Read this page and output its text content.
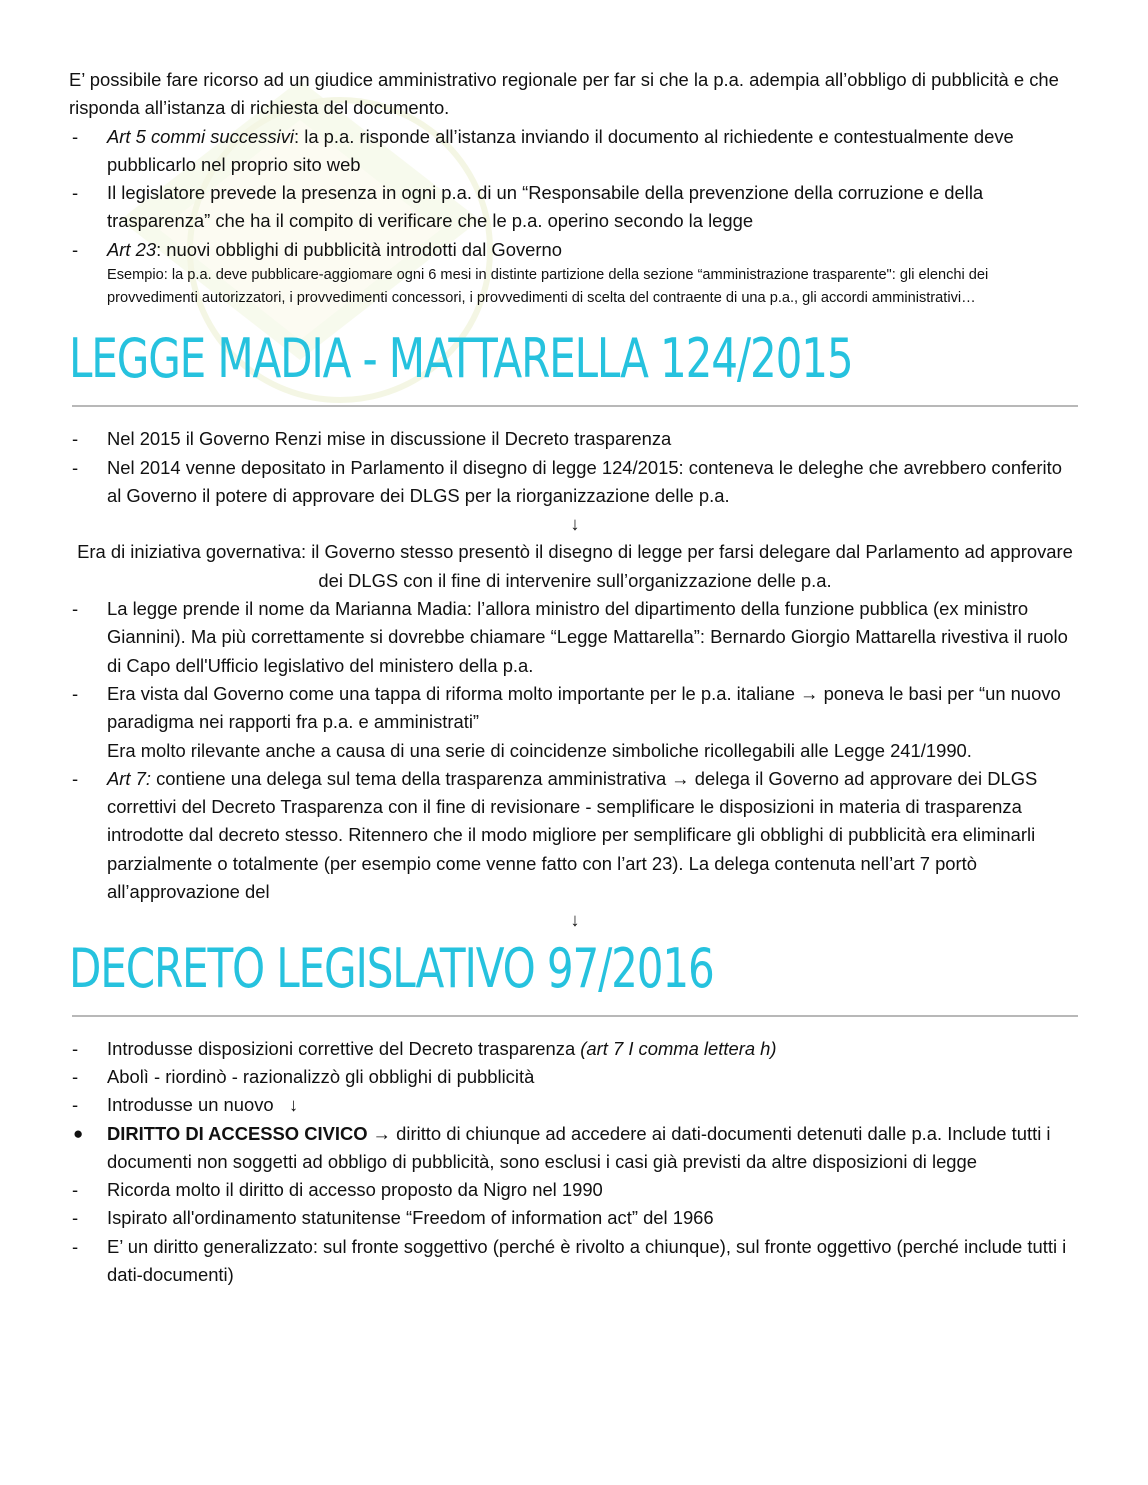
E’ possibile fare ricorso ad un giudice amministrativo regionale per far si che la p.a. adempia all’obbligo di pubblicità e che risponda all’istanza di richiesta del documento.

- Art 5 commi successivi: la p.a. risponde all’istanza inviando il documento al richiedente e contestualmente deve pubblicarlo nel proprio sito web
- Il legislatore prevede la presenza in ogni p.a. di un “Responsabile della prevenzione della corruzione e della trasparenza” che ha il compito di verificare che le p.a. operino secondo la legge
- Art 23: nuovi obblighi di pubblicità introdotti dal Governo
Esempio: la p.a. deve pubblicare-aggiomare ogni 6 mesi in distinte partizione della sezione “amministrazione trasparente": gli elenchi dei provvedimenti autorizzatori, i provvedimenti concessori, i provvedimenti di scelta del contraente di una p.a., gli accordi amministrativi…
LEGGE MADIA - MATTARELLA 124/2015
- Nel 2015 il Governo Renzi mise in discussione il Decreto trasparenza
- Nel 2014 venne depositato in Parlamento il disegno di legge 124/2015: conteneva le deleghe che avrebbero conferito al Governo il potere di approvare dei DLGS per la riorganizzazione delle p.a.
↓
Era di iniziativa governativa: il Governo stesso presentò il disegno di legge per farsi delegare dal Parlamento ad approvare dei DLGS con il fine di intervenire sull’organizzazione delle p.a.
- La legge prende il nome da Marianna Madia: l’allora ministro del dipartimento della funzione pubblica (ex ministro Giannini). Ma più correttamente si dovrebbe chiamare “Legge Mattarella”: Bernardo Giorgio Mattarella rivestiva il ruolo di Capo dell'Ufficio legislativo del ministero della p.a.
- Era vista dal Governo come una tappa di riforma molto importante per le p.a. italiane → poneva le basi per “un nuovo paradigma nei rapporti fra p.a. e amministrati”
Era molto rilevante anche a causa di una serie di coincidenze simboliche ricollegabili alle Legge 241/1990.
- Art 7: contiene una delega sul tema della trasparenza amministrativa → delega il Governo ad approvare dei DLGS correttivi del Decreto Trasparenza con il fine di revisionare - semplificare le disposizioni in materia di trasparenza introdotte dal decreto stesso. Ritennero che il modo migliore per semplificare gli obblighi di pubblicità era eliminarli parzialmente o totalmente (per esempio come venne fatto con l’art 23). La delega contenuta nell’art 7 portò all’approvazione del
↓
DECRETO LEGISLATIVO 97/2016
- Introdusse disposizioni correttive del Decreto trasparenza (art 7 I comma lettera h)
- Abolì - riordinò - razionalizzò gli obblighi di pubblicità
- Introdusse un nuovo ↓
● DIRITTO DI ACCESSO CIVICO → diritto di chiunque ad accedere ai dati-documenti detenuti dalle p.a. Include tutti i documenti non soggetti ad obbligo di pubblicità, sono esclusi i casi già previsti da altre disposizioni di legge
- Ricorda molto il diritto di accesso proposto da Nigro nel 1990
- Ispirato all'ordinamento statunitense “Freedom of information act” del 1966
- E’ un diritto generalizzato: sul fronte soggettivo (perché è rivolto a chiunque), sul fronte oggettivo (perché include tutti i dati-documenti)
